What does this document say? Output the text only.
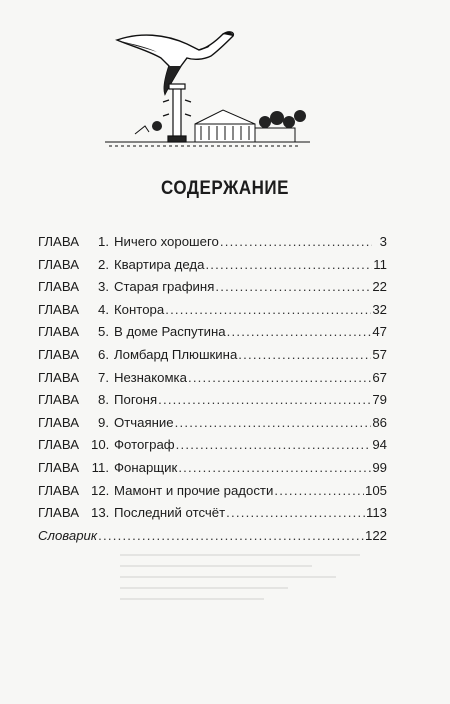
СОДЕРЖАНИЕ
ГЛАВА	1. Ничего хорошего .....	3
ГЛАВА	2. Квартира деда .....	11
ГЛАВА	3. Старая графиня .....	22
ГЛАВА	4. Контора .....	32
ГЛАВА	5. В доме Распутина .....	47
ГЛАВА	6. Ломбард Плюшкина .....	57
ГЛАВА	7. Незнакомка .....	67
ГЛАВА	8. Погоня .....	79
ГЛАВА	9. Отчаяние .....	86
ГЛАВА 10. Фотограф .....	94
ГЛАВА 11. Фонарщик .....	99
ГЛАВА 12. Мамонт и прочие радости .....	105
ГЛАВА 13. Последний отсчёт .....	113
Словарик .....	122
